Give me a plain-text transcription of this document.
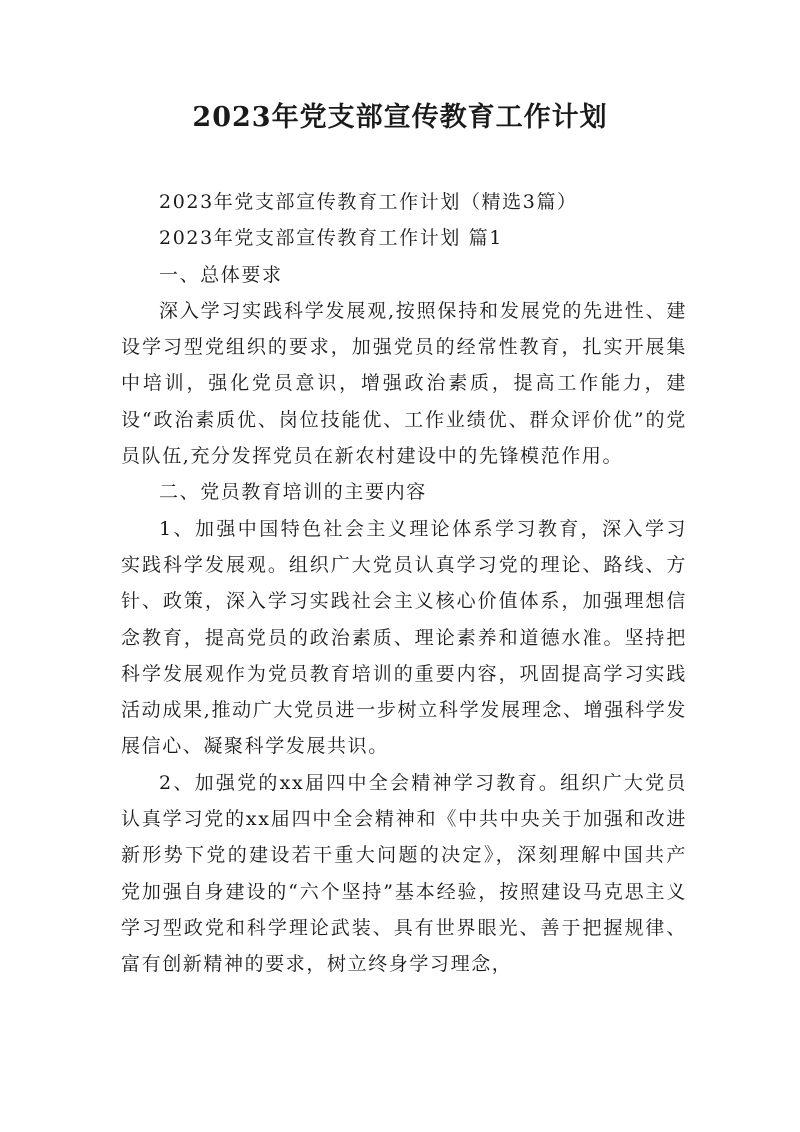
2023年党支部宣传教育工作计划

2023年党支部宣传教育工作计划（精选3篇）

2023年党支部宣传教育工作计划 篇1

一、总体要求

深入学习实践科学发展观,按照保持和发展党的先进性、建设学习型党组织的要求，加强党员的经常性教育，扎实开展集中培训，强化党员意识，增强政治素质，提高工作能力，建设“政治素质优、岗位技能优、工作业绩优、群众评价优”的党员队伍,充分发挥党员在新农村建设中的先锋模范作用。

二、党员教育培训的主要内容

1、加强中国特色社会主义理论体系学习教育，深入学习实践科学发展观。组织广大党员认真学习党的理论、路线、方针、政策，深入学习实践社会主义核心价值体系，加强理想信念教育，提高党员的政治素质、理论素养和道德水准。坚持把科学发展观作为党员教育培训的重要内容，巩固提高学习实践活动成果,推动广大党员进一步树立科学发展理念、增强科学发展信心、凝聚科学发展共识。

2、加强党的xx届四中全会精神学习教育。组织广大党员认真学习党的xx届四中全会精神和《中共中央关于加强和改进新形势下党的建设若干重大问题的决定》，深刻理解中国共产党加强自身建设的“六个坚持”基本经验，按照建设马克思主义学习型政党和科学理论武装、具有世界眼光、善于把握规律、富有创新精神的要求，树立终身学习理念，
